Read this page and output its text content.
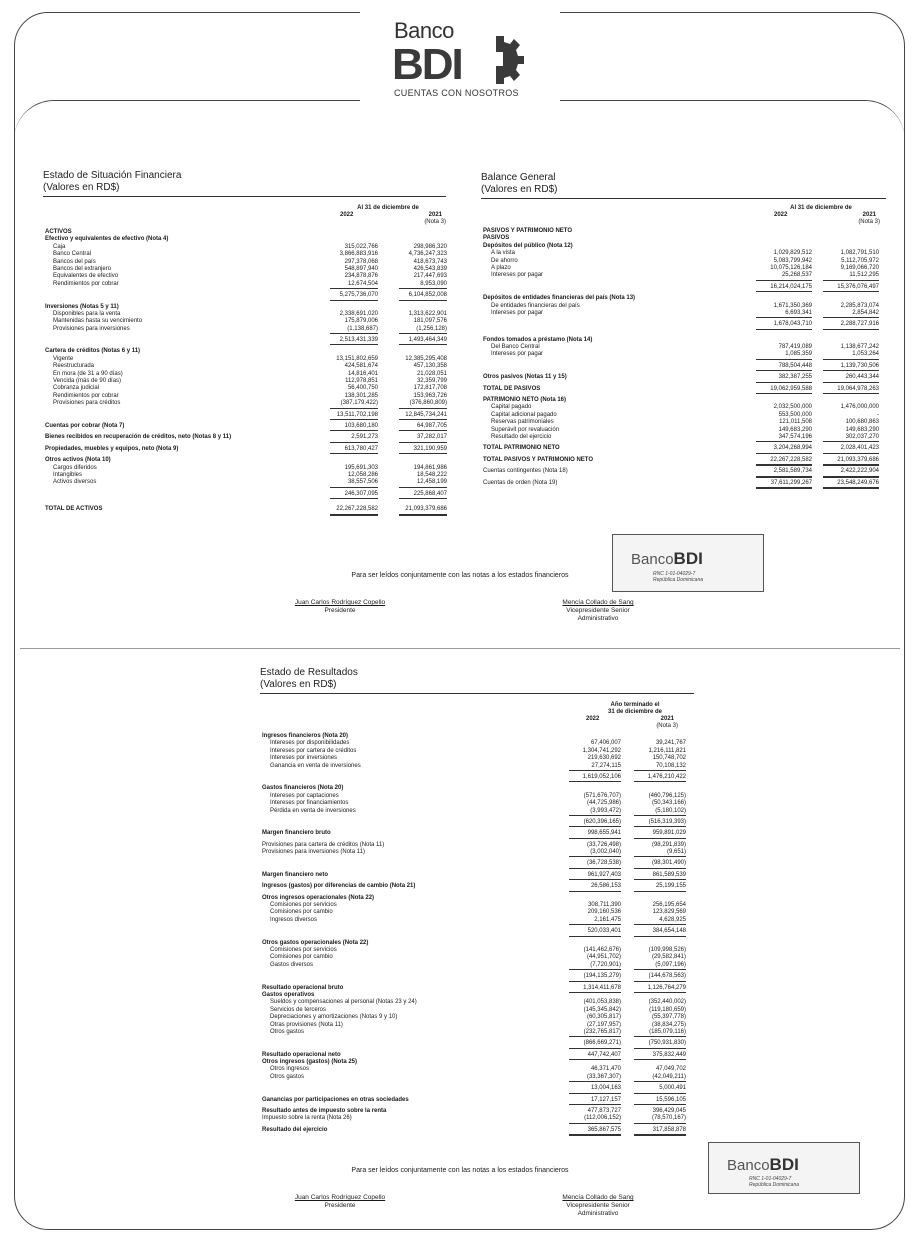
Banco
BDI
CUENTAS CON NOSOTROS
Estado de Situación Financiera
(Valores en RD$)
Al 31 de diciembre de
2022	2021
(Nota 3)
ACTIVOS
Efectivo y equivalentes de efectivo (Nota 4)
Caja	315,022,766	298,986,320
Banco Central	3,866,883,916	4,736,247,323
Bancos del país	297,378,068	418,673,743
Bancos del extranjero	548,897,940	426,543,839
Equivalentes de efectivo	234,878,876	217,447,693
Rendimientos por cobrar	12,674,504	8,953,090
5,275,736,070	6,104,852,008
Inversiones (Notas 5 y 11)
Disponibles para la venta	2,338,691,020	1,313,622,901
Mantenidas hasta su vencimiento	175,879,006	181,097,576
Provisiones para inversiones	(1,138,687)	(1,256,128)
2,513,431,339	1,493,464,349
Cartera de créditos (Notas 6 y 11)
Vigente	13,151,802,659	12,385,295,408
Reestructurada	424,581,674	457,130,358
En mora (de 31 a 90 días)	14,816,401	21,028,051
Vencida (más de 90 días)	112,978,851	32,359,799
Cobranza judicial	56,400,750	172,817,708
Rendimientos por cobrar	138,301,285	153,963,726
Provisiones para créditos	(387,179,422)	(376,860,809)
13,511,702,198	12,845,734,241
Cuentas por cobrar (Nota 7)	103,680,180	64,987,705
Bienes recibidos en recuperación de créditos, neto (Notas 8 y 11)	2,591,273	37,282,017
Propiedades, muebles y equipos, neto (Nota 9)	613,780,427	321,190,959
Otros activos (Nota 10)
Cargos diferidos	195,691,303	194,861,986
Intangibles	12,058,286	18,548,222
Activos diversos	38,557,506	12,458,199
246,307,095	225,868,407
TOTAL DE ACTIVOS	22,267,228,582	21,093,379,686
Balance General
(Valores en RD$)
Al 31 de diciembre de
2022	2021
(Nota 3)
PASIVOS Y PATRIMONIO NETO
PASIVOS
Depósitos del público (Nota 12)
A la vista	1,029,829,512	1,082,791,510
De ahorro	5,083,799,942	5,112,705,972
A plazo	10,075,126,184	9,169,066,720
Intereses por pagar	25,268,537	11,512,295
16,214,024,175	15,376,076,497
Depósitos de entidades financieras del país (Nota 13)
De entidades financieras del país	1,671,350,369	2,285,873,074
Intereses por pagar	6,693,341	2,854,842
1,678,043,710	2,288,727,916
Fondos tomados a préstamo (Nota 14)
Del Banco Central	787,419,089	1,138,677,242
Intereses por pagar	1,085,359	1,053,264
788,504,448	1,139,730,506
Otros pasivos (Notas 11 y 15)	382,387,255	260,443,344
TOTAL DE PASIVOS	19,062,959,588	19,064,978,263
PATRIMONIO NETO (Nota 16)
Capital pagado	2,032,500,000	1,476,000,000
Capital adicional pagado	553,500,000	-
Reservas patrimoniales	121,011,508	100,680,863
Superávit por revaluación	149,683,290	149,683,290
Resultado del ejercicio	347,574,196	302,037,270
TOTAL PATRIMONIO NETO	3,204,268,994	2,028,401,423
TOTAL PASIVOS Y PATRIMONIO NETO	22,267,228,582	21,093,379,686
Cuentas contingentes (Nota 18)	2,581,589,734	2,422,222,904
Cuentas de orden (Nota 19)	37,611,299,267	23,548,249,676
BancoBDI
RNC 1-01-04029-7
República Dominicana
Para ser leídos conjuntamente con las notas a los estados financieros
Juan Carlos Rodríguez Copello
Presidente
Mencía Collado de Sang
Vicepresidente Senior
Administrativo
Estado de Resultados
(Valores en RD$)
Año terminado el
31 de diciembre de
2022	2021
(Nota 3)
Ingresos financieros (Nota 20)
Intereses por disponibilidades	67,406,007	39,241,767
Intereses por cartera de créditos	1,304,741,292	1,216,111,821
Intereses por inversiones	219,630,692	150,748,702
Ganancia en venta de inversiones	27,274,115	70,108,132
1,619,052,106	1,476,210,422
Gastos financieros (Nota 20)
Intereses por captaciones	(571,676,707)	(460,796,125)
Intereses por financiamientos	(44,725,986)	(50,343,166)
Pérdida en venta de inversiones	(3,993,472)	(5,180,102)
(620,396,165)	(516,319,393)
Margen financiero bruto	998,655,941	959,891,029
Provisiones para cartera de créditos (Nota 11)	(33,726,498)	(98,291,839)
Provisiones para inversiones (Nota 11)	(3,002,040)	(9,651)
(36,728,538)	(98,301,490)
Margen financiero neto	961,927,403	861,589,539
Ingresos (gastos) por diferencias de cambio (Nota 21)	26,586,153	25,199,155
Otros ingresos operacionales (Nota 22)
Comisiones por servicios	308,711,390	256,195,654
Comisiones por cambio	209,160,536	123,829,569
Ingresos diversos	2,161,475	4,628,925
520,033,401	384,654,148
Otros gastos operacionales (Nota 22)
Comisiones por servicios	(141,462,676)	(109,998,526)
Comisiones por cambio	(44,951,702)	(29,582,841)
Gastos diversos	(7,720,901)	(5,097,196)
(194,135,279)	(144,678,563)
Resultado operacional bruto	1,314,411,678	1,126,764,279
Gastos operativos
Sueldos y compensaciones al personal (Notas 23 y 24)	(401,053,838)	(352,440,002)
Servicios de terceros	(145,345,842)	(119,180,659)
Depreciaciones y amortizaciones (Notas 9 y 10)	(60,305,817)	(55,397,778)
Otras provisiones (Nota 11)	(27,197,957)	(38,834,275)
Otros gastos	(232,765,817)	(185,079,116)
(866,669,271)	(750,931,830)
Resultado operacional neto	447,742,407	375,832,449
Otros ingresos (gastos) (Nota 25)
Otros ingresos	46,371,470	47,049,702
Otros gastos	(33,367,307)	(42,049,211)
13,004,163	5,000,491
Ganancias por participaciones en otras sociedades	17,127,157	15,596,105
Resultado antes de impuesto sobre la renta	477,873,727	396,429,045
Impuesto sobre la renta (Nota 26)	(112,006,152)	(78,570,167)
Resultado del ejercicio	365,867,575	317,858,878
BancoBDI
RNC 1-01-04029-7
República Dominicana
Para ser leídos conjuntamente con las notas a los estados financieros
Juan Carlos Rodríguez Copello
Presidente
Mencía Collado de Sang
Vicepresidente Senior
Administrativo
